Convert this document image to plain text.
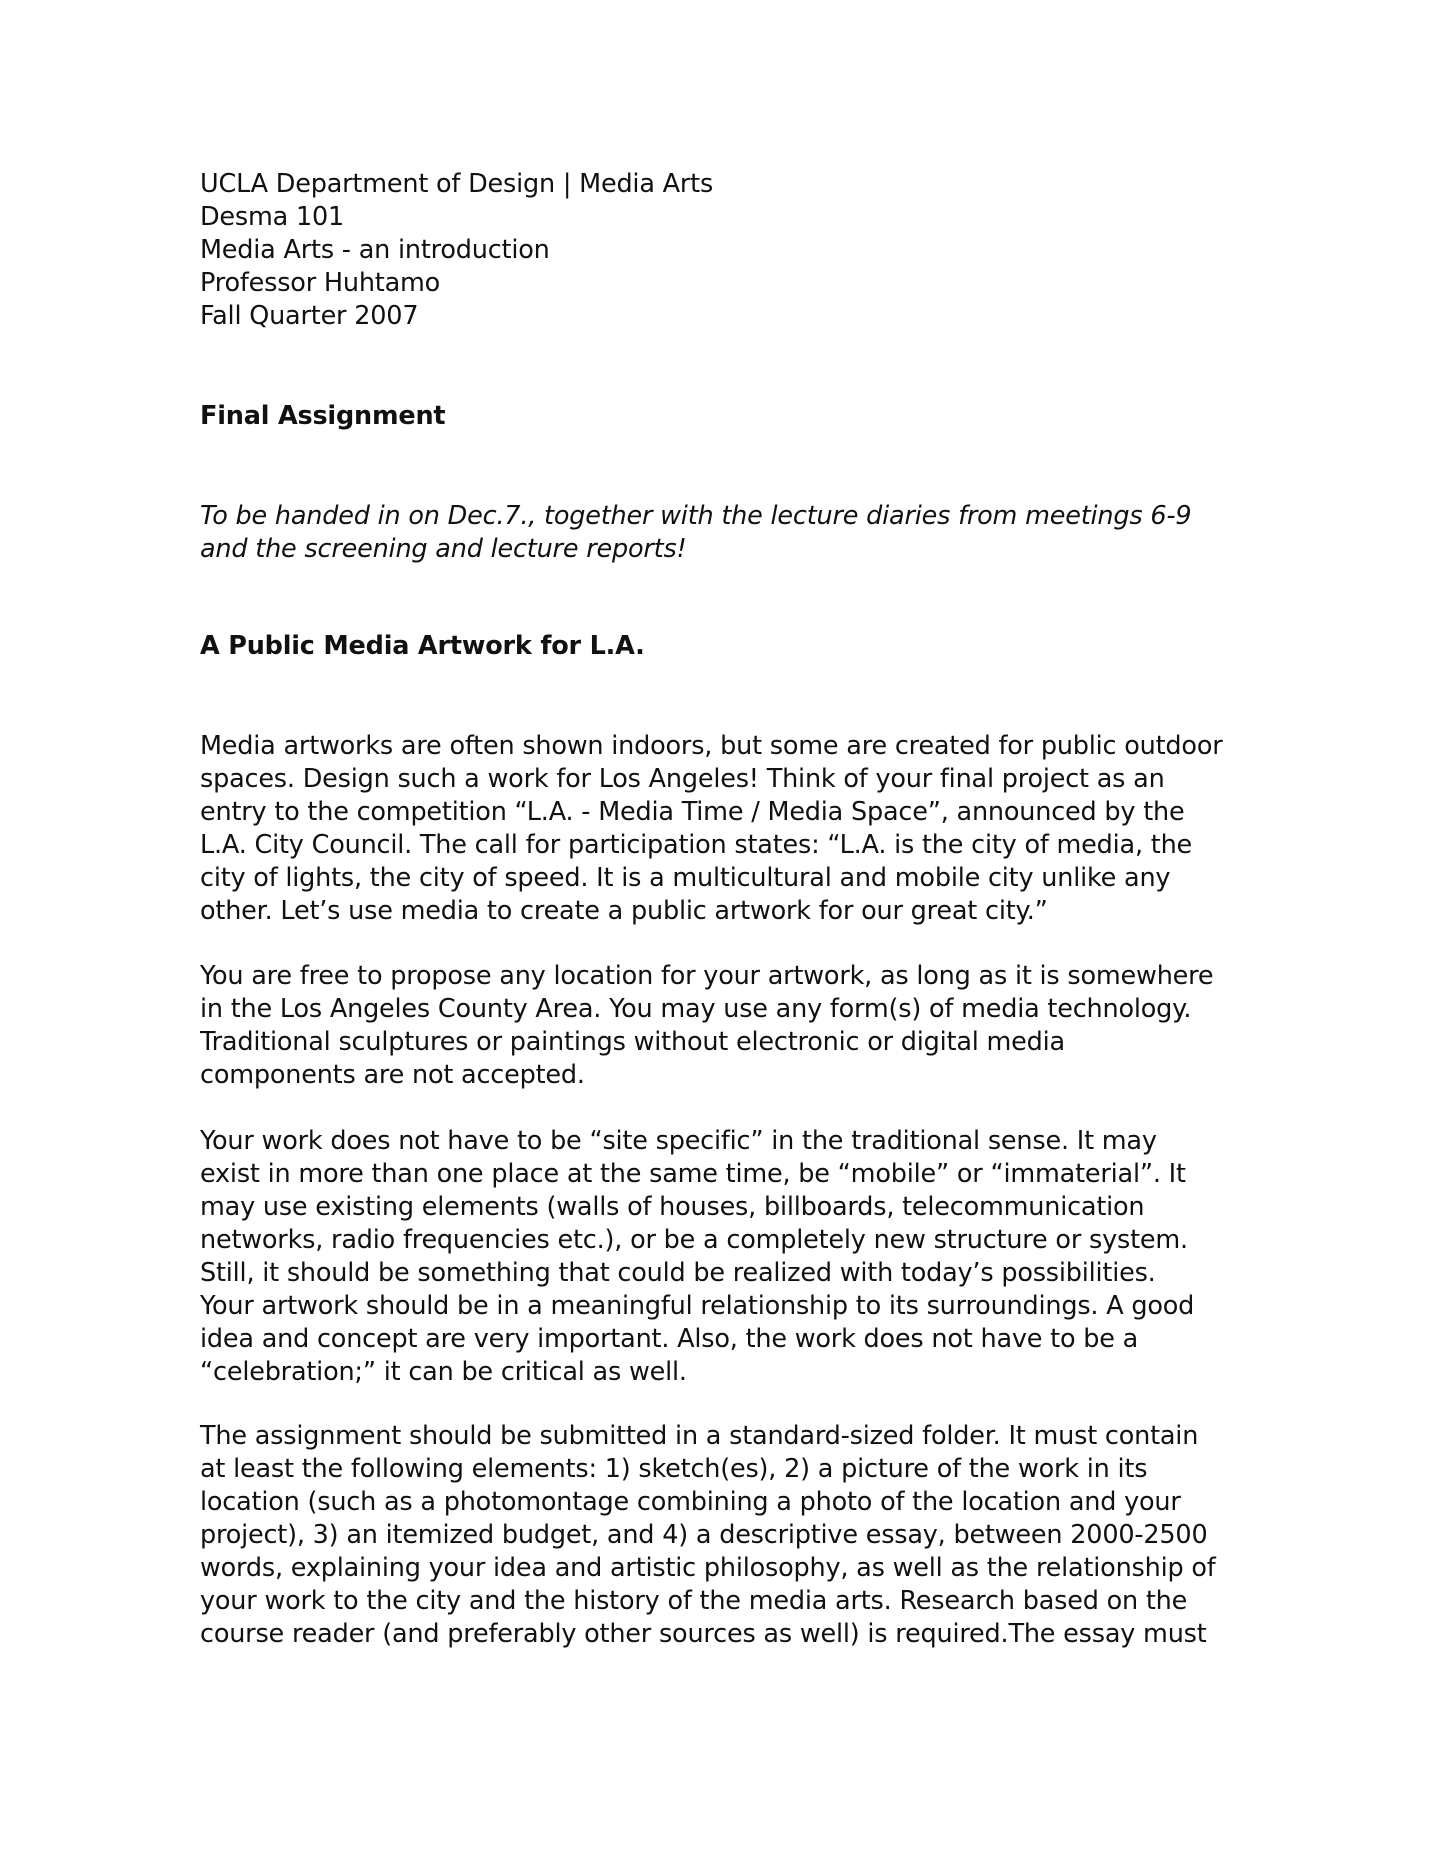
UCLA Department of Design | Media Arts
Desma 101
Media Arts - an introduction
Professor Huhtamo
Fall Quarter 2007
Final Assignment
To be handed in on Dec.7., together with the lecture diaries from meetings 6-9
and the screening and lecture reports!
A Public Media Artwork for L.A.

Media artworks are often shown indoors, but some are created for public outdoor
spaces. Design such a work for Los Angeles! Think of your final project as an
entry to the competition “L.A. - Media Time / Media Space”, announced by the
L.A. City Council. The call for participation states: “L.A. is the city of media, the
city of lights, the city of speed. It is a multicultural and mobile city unlike any
other. Let’s use media to create a public artwork for our great city.”

You are free to propose any location for your artwork, as long as it is somewhere
in the Los Angeles County Area. You may use any form(s) of media technology.
Traditional sculptures or paintings without electronic or digital media
components are not accepted.

Your work does not have to be “site specific” in the traditional sense. It may
exist in more than one place at the same time, be “mobile” or “immaterial”. It
may use existing elements (walls of houses, billboards, telecommunication
networks, radio frequencies etc.), or be a completely new structure or system.
Still, it should be something that could be realized with today’s possibilities.
Your artwork should be in a meaningful relationship to its surroundings. A good
idea and concept are very important. Also, the work does not have to be a
“celebration;” it can be critical as well.

The assignment should be submitted in a standard-sized folder. It must contain
at least the following elements: 1) sketch(es), 2) a picture of the work in its
location (such as a photomontage combining a photo of the location and your
project), 3) an itemized budget, and 4) a descriptive essay, between 2000-2500
words, explaining your idea and artistic philosophy, as well as the relationship of
your work to the city and the history of the media arts. Research based on the
course reader (and preferably other sources as well) is required.The essay must
